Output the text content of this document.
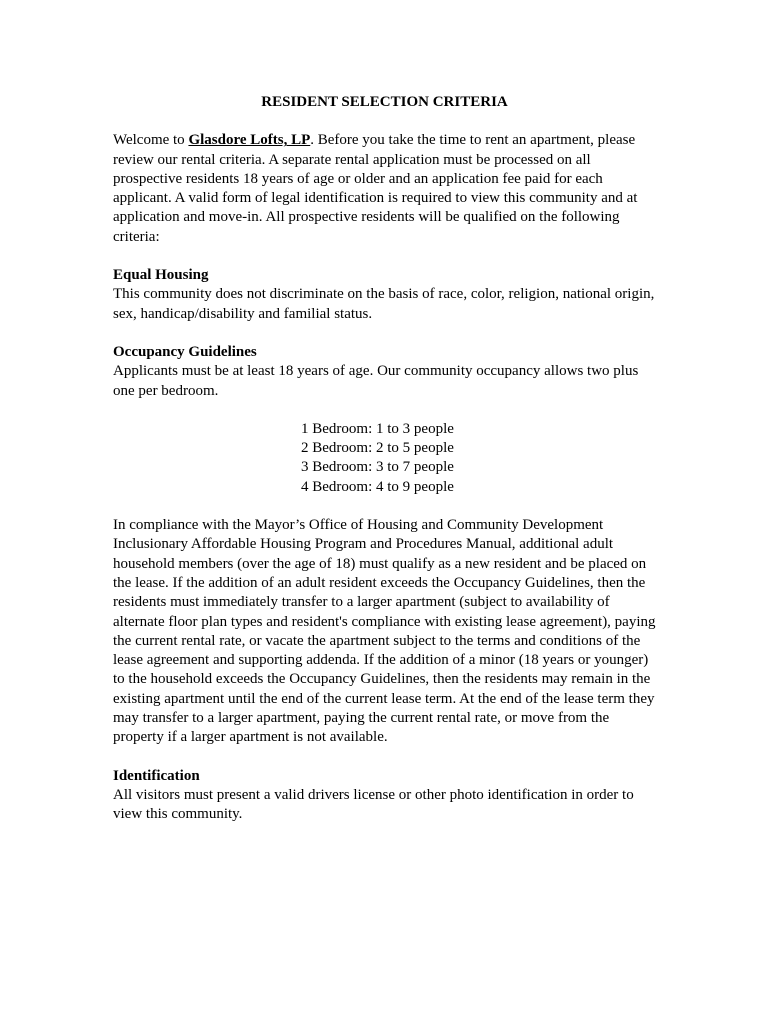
RESIDENT SELECTION CRITERIA

Welcome to Glasdore Lofts, LP. Before you take the time to rent an apartment, please review our rental criteria. A separate rental application must be processed on all prospective residents 18 years of age or older and an application fee paid for each applicant. A valid form of legal identification is required to view this community and at application and move-in. All prospective residents will be qualified on the following criteria:

Equal Housing

This community does not discriminate on the basis of race, color, religion, national origin, sex, handicap/disability and familial status.

Occupancy Guidelines

Applicants must be at least 18 years of age. Our community occupancy allows two plus one per bedroom.

1 Bedroom: 1 to 3 people
2 Bedroom: 2 to 5 people
3 Bedroom: 3 to 7 people
4 Bedroom: 4 to 9 people

In compliance with the Mayor’s Office of Housing and Community Development Inclusionary Affordable Housing Program and Procedures Manual, additional adult household members (over the age of 18) must qualify as a new resident and be placed on the lease. If the addition of an adult resident exceeds the Occupancy Guidelines, then the residents must immediately transfer to a larger apartment (subject to availability of alternate floor plan types and resident's compliance with existing lease agreement), paying the current rental rate, or vacate the apartment subject to the terms and conditions of the lease agreement and supporting addenda. If the addition of a minor (18 years or younger) to the household exceeds the Occupancy Guidelines, then the residents may remain in the existing apartment until the end of the current lease term. At the end of the lease term they may transfer to a larger apartment, paying the current rental rate, or move from the property if a larger apartment is not available.

Identification

All visitors must present a valid drivers license or other photo identification in order to view this community.
